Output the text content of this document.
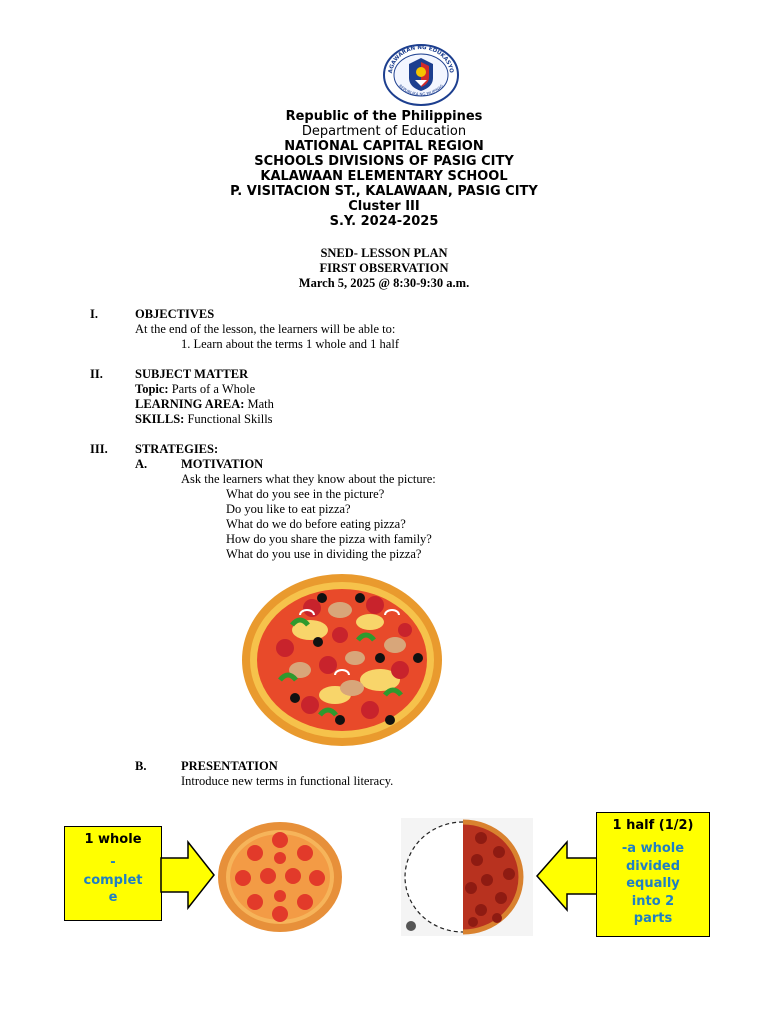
AGAWARAN NG EDUKASYO
REPUBLIKA NG PILIPINAS
Republic of the Philippines
Department of Education
NATIONAL CAPITAL REGION
SCHOOLS DIVISIONS OF PASIG CITY
KALAWAAN ELEMENTARY SCHOOL
P. VISITACION ST., KALAWAAN, PASIG CITY
Cluster III
S.Y. 2024-2025
SNED- LESSON PLAN
FIRST OBSERVATION
March 5, 2025 @ 8:30-9:30 a.m.
I.	OBJECTIVES
At the end of the lesson, the learners will be able to:
1. Learn about the terms 1 whole and 1 half
II.	SUBJECT MATTER
Topic: Parts of a Whole
LEARNING AREA: Math
SKILLS: Functional Skills
III. STRATEGIES:
A.	MOTIVATION
Ask the learners what they know about the picture:
What do you see in the picture?
Do you like to eat pizza?
What do we do before eating pizza?
How do you share the pizza with family?
What do you use in dividing the pizza?
B.	PRESENTATION
Introduce new terms in functional literacy.
1 whole
-
complet
e
1 half (1/2)
-a whole
divided
equally
into 2
parts
